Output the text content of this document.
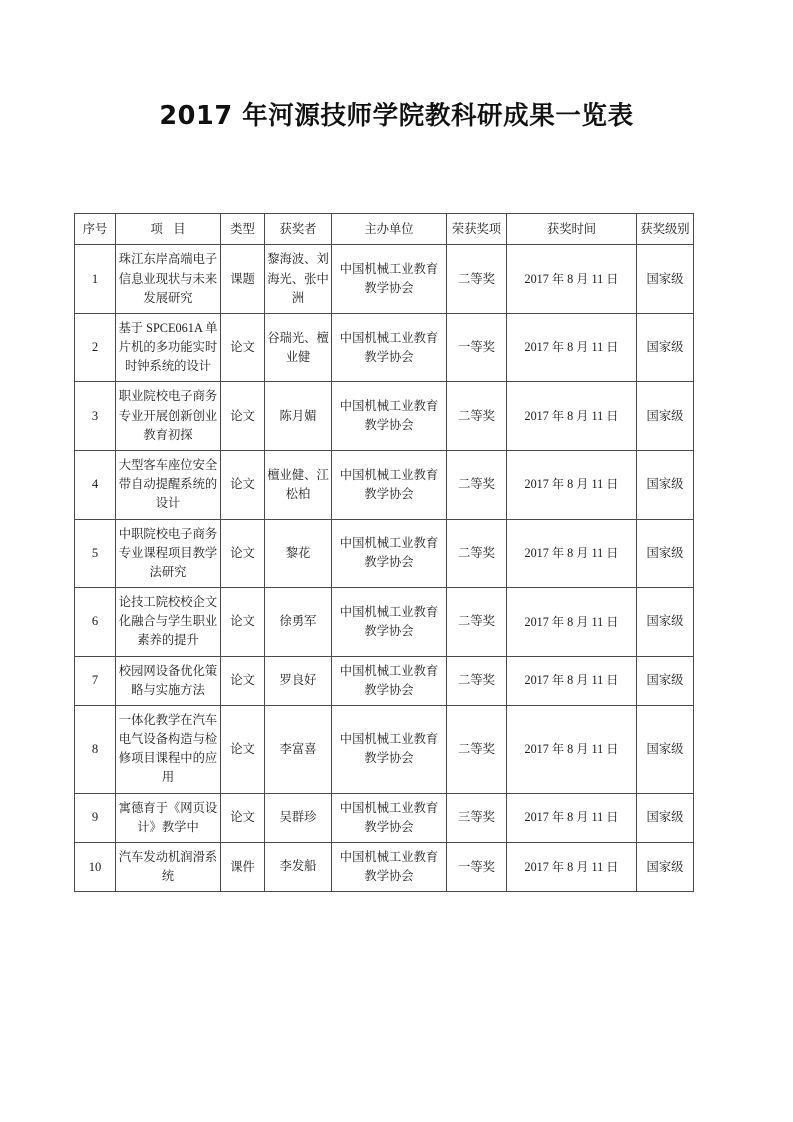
2017 年河源技师学院教科研成果一览表
序号	项 目	类型	获奖者	主办单位	荣获奖项	获奖时间	获奖级别
1	珠江东岸高端电子信息业现状与未来发展研究	课题	黎海波、刘海光、张中洲	中国机械工业教育教学协会	二等奖	2017 年 8 月 11 日	国家级
2	基于 SPCE061A 单片机的多功能实时时钟系统的设计	论文	谷瑞光、檀业健	中国机械工业教育教学协会	一等奖	2017 年 8 月 11 日	国家级
3	职业院校电子商务专业开展创新创业教育初探	论文	陈月媚	中国机械工业教育教学协会	二等奖	2017 年 8 月 11 日	国家级
4	大型客车座位安全带自动提醒系统的设计	论文	檀业健、江松柏	中国机械工业教育教学协会	二等奖	2017 年 8 月 11 日	国家级
5	中职院校电子商务专业课程项目教学法研究	论文	黎花	中国机械工业教育教学协会	二等奖	2017 年 8 月 11 日	国家级
6	论技工院校校企文化融合与学生职业素养的提升	论文	徐勇军	中国机械工业教育教学协会	二等奖	2017 年 8 月 11 日	国家级
7	校园网设备优化策略与实施方法	论文	罗良好	中国机械工业教育教学协会	二等奖	2017 年 8 月 11 日	国家级
8	一体化教学在汽车电气设备构造与检修项目课程中的应用	论文	李富喜	中国机械工业教育教学协会	二等奖	2017 年 8 月 11 日	国家级
9	寓德育于《网页设计》教学中	论文	吴群珍	中国机械工业教育教学协会	三等奖	2017 年 8 月 11 日	国家级
10	汽车发动机润滑系统	课件	李发船	中国机械工业教育教学协会	一等奖	2017 年 8 月 11 日	国家级
